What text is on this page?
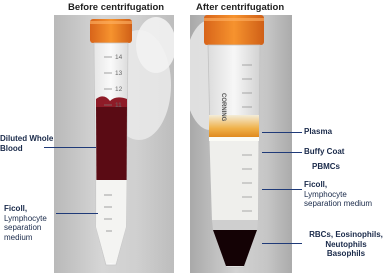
Before centrifugation	After centrifugation
14
13
12
11	CORNING
Diluted Whole Blood
Ficoll,
Lymphocyte separation medium
Plasma
Buffy Coat
PBMCs
Ficoll,
Lymphocyte separation medium
RBCs, Eosinophils,
Neutophils
Basophils
